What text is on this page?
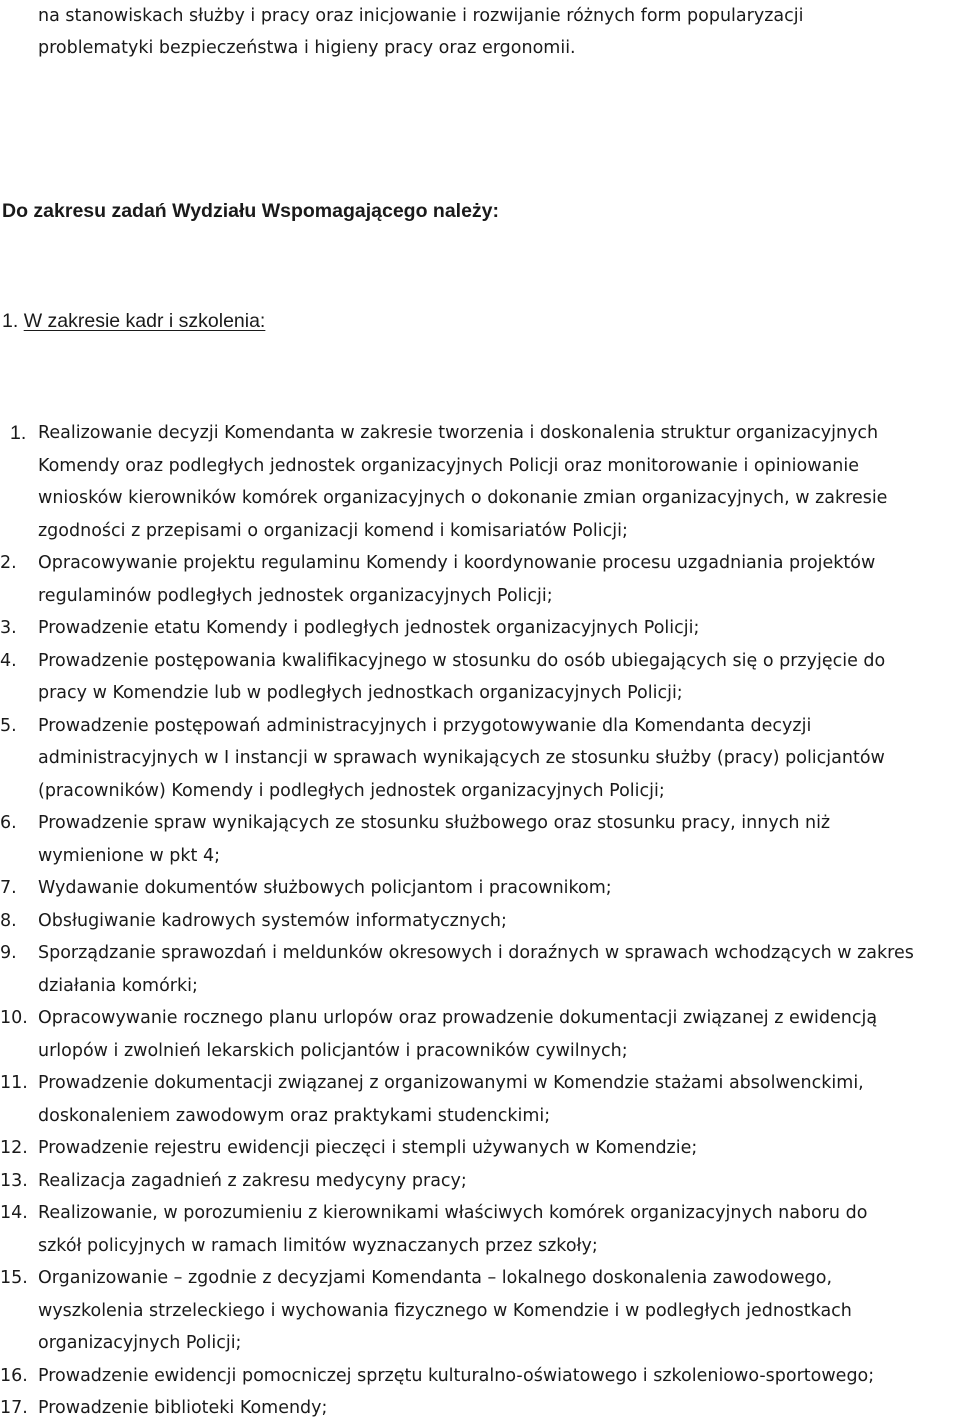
na stanowiskach służby i pracy oraz inicjowanie i rozwijanie różnych form popularyzacji
problematyki bezpieczeństwa i higieny pracy oraz ergonomii.
Do zakresu zadań Wydziału Wspomagającego należy:
1. W zakresie kadr i szkolenia:
1. Realizowanie decyzji Komendanta w zakresie tworzenia i doskonalenia struktur organizacyjnych
Komendy oraz podległych jednostek organizacyjnych Policji oraz monitorowanie i opiniowanie
wniosków kierowników komórek organizacyjnych o dokonanie zmian organizacyjnych, w zakresie
zgodności z przepisami o organizacji komend i komisariatów Policji;
2.	Opracowywanie projektu regulaminu Komendy i koordynowanie procesu uzgadniania projektów
regulaminów podległych jednostek organizacyjnych Policji;
3.	Prowadzenie etatu Komendy i podległych jednostek organizacyjnych Policji;
4.	Prowadzenie postępowania kwalifikacyjnego w stosunku do osób ubiegających się o przyjęcie do
pracy w Komendzie lub w podległych jednostkach organizacyjnych Policji;
5.	Prowadzenie postępowań administracyjnych i przygotowywanie dla Komendanta decyzji
administracyjnych w I instancji w sprawach wynikających ze stosunku służby (pracy) policjantów
(pracowników) Komendy i podległych jednostek organizacyjnych Policji;
6.	Prowadzenie spraw wynikających ze stosunku służbowego oraz stosunku pracy, innych niż
wymienione w pkt 4;
7.	Wydawanie dokumentów służbowych policjantom i pracownikom;
8.	Obsługiwanie kadrowych systemów informatycznych;
9.	Sporządzanie sprawozdań i meldunków okresowych i doraźnych w sprawach wchodzących w zakres
działania komórki;
10. Opracowywanie rocznego planu urlopów oraz prowadzenie dokumentacji związanej z ewidencją
urlopów i zwolnień lekarskich policjantów i pracowników cywilnych;
11. Prowadzenie dokumentacji związanej z organizowanymi w Komendzie stażami absolwenckimi,
doskonaleniem zawodowym oraz praktykami studenckimi;
12. Prowadzenie rejestru ewidencji pieczęci i stempli używanych w Komendzie;
13. Realizacja zagadnień z zakresu medycyny pracy;
14. Realizowanie, w porozumieniu z kierownikami właściwych komórek organizacyjnych naboru do
szkół policyjnych w ramach limitów wyznaczanych przez szkoły;
15. Organizowanie – zgodnie z decyzjami Komendanta – lokalnego doskonalenia zawodowego,
wyszkolenia strzeleckiego i wychowania fizycznego w Komendzie i w podległych jednostkach
organizacyjnych Policji;
16. Prowadzenie ewidencji pomocniczej sprzętu kulturalno-oświatowego i szkoleniowo-sportowego;
17. Prowadzenie biblioteki Komendy;
